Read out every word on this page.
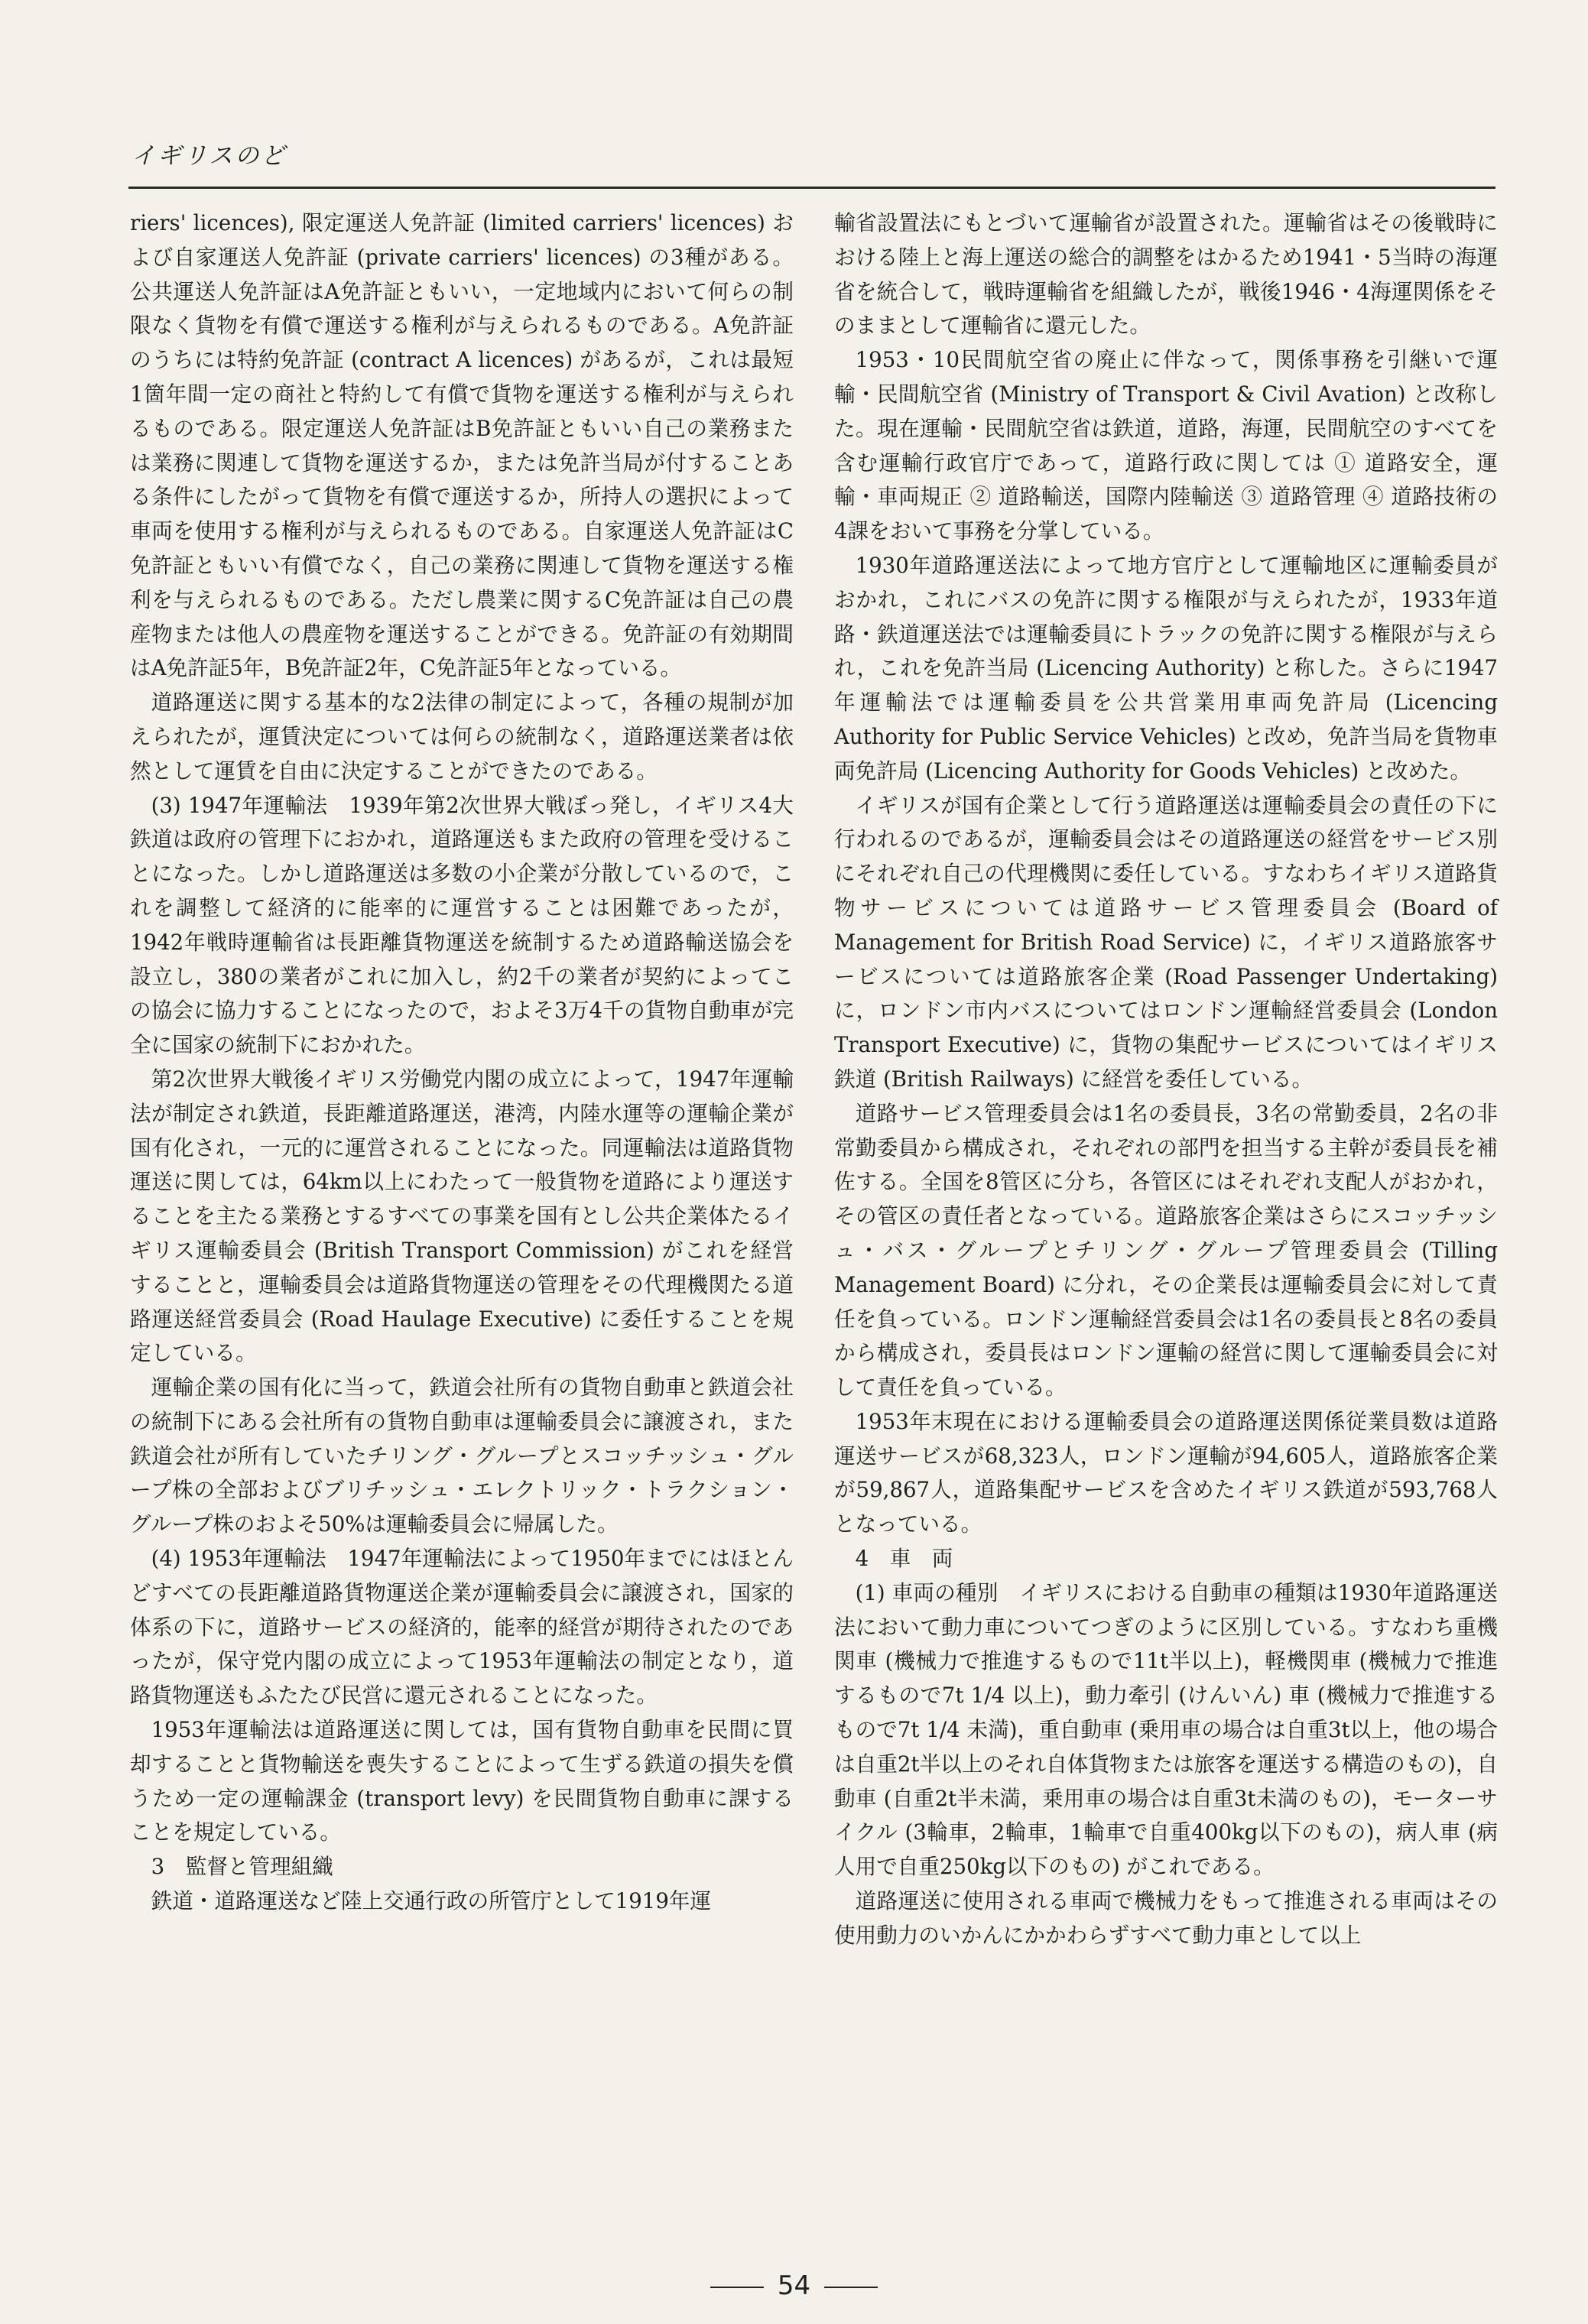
イギリスのど

riers' licences), 限定運送人免許証 (limited carriers' licences) および自家運送人免許証 (private carriers' licences) の3種がある。公共運送人免許証はA免許証ともいい，一定地域内において何らの制限なく貨物を有償で運送する権利が与えられるものである。A免許証のうちには特約免許証 (contract A licences) があるが，これは最短1箇年間一定の商社と特約して有償で貨物を運送する権利が与えられるものである。限定運送人免許証はB免許証ともいい自己の業務または業務に関連して貨物を運送するか，または免許当局が付することある条件にしたがって貨物を有償で運送するか，所持人の選択によって車両を使用する権利が与えられるものである。自家運送人免許証はC免許証ともいい有償でなく，自己の業務に関連して貨物を運送する権利を与えられるものである。ただし農業に関するC免許証は自己の農産物または他人の農産物を運送することができる。免許証の有効期間はA免許証5年，B免許証2年，C免許証5年となっている。

道路運送に関する基本的な2法律の制定によって，各種の規制が加えられたが，運賃決定については何らの統制なく，道路運送業者は依然として運賃を自由に決定することができたのである。

(3) 1947年運輸法　1939年第2次世界大戦ぼっ発し，イギリス4大鉄道は政府の管理下におかれ，道路運送もまた政府の管理を受けることになった。しかし道路運送は多数の小企業が分散しているので，これを調整して経済的に能率的に運営することは困難であったが，1942年戦時運輸省は長距離貨物運送を統制するため道路輸送協会を設立し，380の業者がこれに加入し，約2千の業者が契約によってこの協会に協力することになったので，およそ3万4千の貨物自動車が完全に国家の統制下におかれた。

第2次世界大戦後イギリス労働党内閣の成立によって，1947年運輸法が制定され鉄道，長距離道路運送，港湾，内陸水運等の運輸企業が国有化され，一元的に運営されることになった。同運輸法は道路貨物運送に関しては，64km以上にわたって一般貨物を道路により運送することを主たる業務とするすべての事業を国有とし公共企業体たるイギリス運輸委員会 (British Transport Commission) がこれを経営することと，運輸委員会は道路貨物運送の管理をその代理機関たる道路運送経営委員会 (Road Haulage Executive) に委任することを規定している。

運輸企業の国有化に当って，鉄道会社所有の貨物自動車と鉄道会社の統制下にある会社所有の貨物自動車は運輸委員会に譲渡され，また鉄道会社が所有していたチリング・グループとスコッチッシュ・グループ株の全部およびブリチッシュ・エレクトリック・トラクション・グループ株のおよそ50%は運輸委員会に帰属した。

(4) 1953年運輸法　1947年運輸法によって1950年までにはほとんどすべての長距離道路貨物運送企業が運輸委員会に譲渡され，国家的体系の下に，道路サービスの経済的，能率的経営が期待されたのであったが，保守党内閣の成立によって1953年運輸法の制定となり，道路貨物運送もふたたび民営に還元されることになった。

1953年運輸法は道路運送に関しては，国有貨物自動車を民間に買却することと貨物輸送を喪失することによって生ずる鉄道の損失を償うため一定の運輸課金 (transport levy) を民間貨物自動車に課することを規定している。

3　監督と管理組織

鉄道・道路運送など陸上交通行政の所管庁として1919年運

輸省設置法にもとづいて運輸省が設置された。運輸省はその後戦時における陸上と海上運送の総合的調整をはかるため1941・5当時の海運省を統合して，戦時運輸省を組織したが，戦後1946・4海運関係をそのままとして運輸省に還元した。

1953・10民間航空省の廃止に伴なって，関係事務を引継いで運輸・民間航空省 (Ministry of Transport & Civil Avation) と改称した。現在運輸・民間航空省は鉄道，道路，海運，民間航空のすべてを含む運輸行政官庁であって，道路行政に関しては ① 道路安全，運輸・車両規正 ② 道路輸送，国際内陸輸送 ③ 道路管理 ④ 道路技術の4課をおいて事務を分掌している。

1930年道路運送法によって地方官庁として運輸地区に運輸委員がおかれ，これにバスの免許に関する権限が与えられたが，1933年道路・鉄道運送法では運輸委員にトラックの免許に関する権限が与えられ，これを免許当局 (Licencing Authority) と称した。さらに1947年運輸法では運輸委員を公共営業用車両免許局 (Licencing Authority for Public Service Vehicles) と改め，免許当局を貨物車両免許局 (Licencing Authority for Goods Vehicles) と改めた。

イギリスが国有企業として行う道路運送は運輸委員会の責任の下に行われるのであるが，運輸委員会はその道路運送の経営をサービス別にそれぞれ自己の代理機関に委任している。すなわちイギリス道路貨物サービスについては道路サービス管理委員会 (Board of Management for British Road Service) に，イギリス道路旅客サービスについては道路旅客企業 (Road Passenger Undertaking) に，ロンドン市内バスについてはロンドン運輸経営委員会 (London Transport Executive) に，貨物の集配サービスについてはイギリス鉄道 (British Railways) に経営を委任している。

道路サービス管理委員会は1名の委員長，3名の常勤委員，2名の非常勤委員から構成され，それぞれの部門を担当する主幹が委員長を補佐する。全国を8管区に分ち，各管区にはそれぞれ支配人がおかれ，その管区の責任者となっている。道路旅客企業はさらにスコッチッシュ・バス・グループとチリング・グループ管理委員会 (Tilling Management Board) に分れ，その企業長は運輸委員会に対して責任を負っている。ロンドン運輸経営委員会は1名の委員長と8名の委員から構成され，委員長はロンドン運輸の経営に関して運輸委員会に対して責任を負っている。

1953年末現在における運輸委員会の道路運送関係従業員数は道路運送サービスが68,323人，ロンドン運輸が94,605人，道路旅客企業が59,867人，道路集配サービスを含めたイギリス鉄道が593,768人となっている。

4　車　両

(1) 車両の種別　イギリスにおける自動車の種類は1930年道路運送法において動力車についてつぎのように区別している。すなわち重機関車 (機械力で推進するもので11t半以上)，軽機関車 (機械力で推進するもので7t 1/4 以上)，動力牽引 (けんいん) 車 (機械力で推進するもので7t 1/4 未満)，重自動車 (乗用車の場合は自重3t以上，他の場合は自重2t半以上のそれ自体貨物または旅客を運送する構造のもの)，自動車 (自重2t半未満，乗用車の場合は自重3t未満のもの)，モーターサイクル (3輪車，2輪車，1輪車で自重400kg以下のもの)，病人車 (病人用で自重250kg以下のもの) がこれである。

道路運送に使用される車両で機械力をもって推進される車両はその使用動力のいかんにかかわらずすべて動力車として以上

54
